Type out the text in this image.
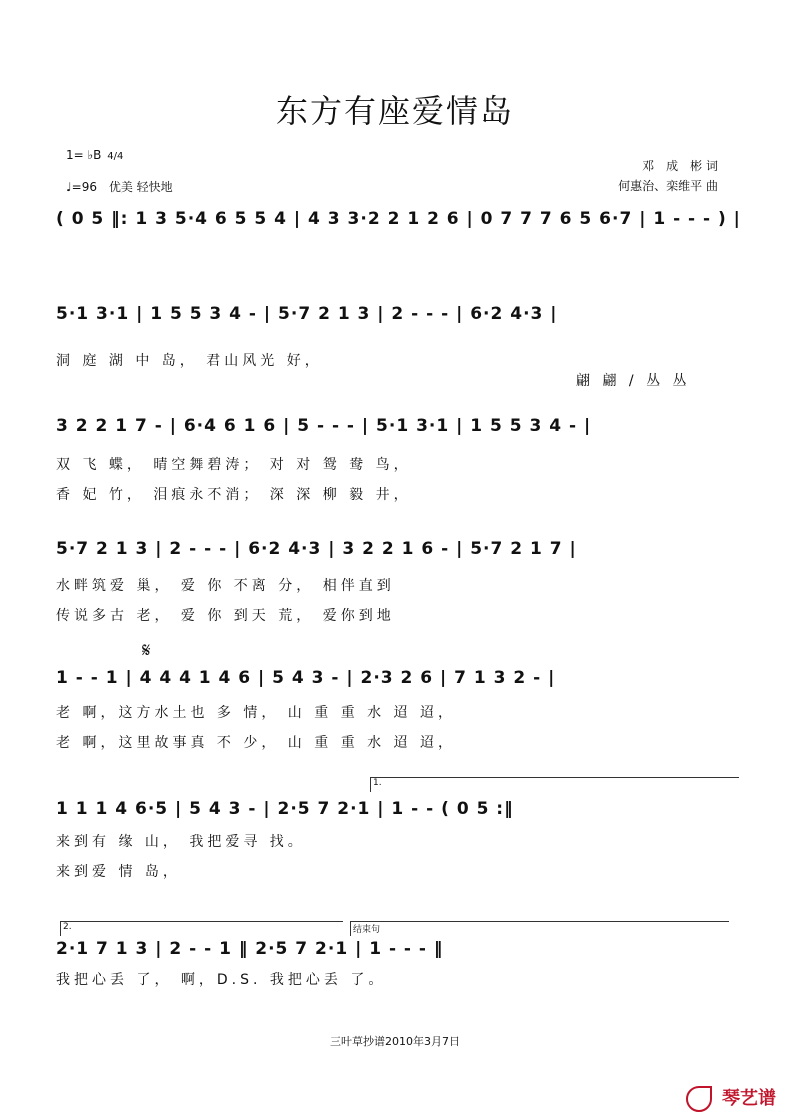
东方有座爱情岛
1= ♭B 4/4
♩=96 优美 轻快地
邓　成　彬 词
何惠治、栾维平 曲
( 0 5 ‖: 1 3 5·4 6 5 5 4 | 4 3 3·2 2 1 2 6 | 0 7 7 7 6 5 6·7 | 1 - - - ) |
5·1 3·1 | 1 5 5 3 4 - | 5·7 2 1 3 | 2 - - - | 6·2 4·3 |
洞 庭 湖 中 岛， 君山风光 好，
翩 翩 / 丛 丛
3 2 2 1 7 - | 6·4 6 1 6 | 5 - - - | 5·1 3·1 | 1 5 5 3 4 - |
双 飞 蝶， 晴空舞碧涛； 对 对 鸳 鸯 鸟，
香 妃 竹， 泪痕永不消； 深 深 柳 毅 井，
5·7 2 1 3 | 2 - - - | 6·2 4·3 | 3 2 2 1 6 - | 5·7 2 1 7 |
水畔筑爱 巢， 爱 你 不离 分， 相伴直到
传说多古 老， 爱 你 到天 荒， 爱你到地
𝄋
1 - - 1 | 4 4 4 1 4 6 | 5 4 3 - | 2·3 2 6 | 7 1 3 2 - |
老 啊，这方水土也 多 情， 山 重 重 水 迢 迢，
老 啊，这里故事真 不 少， 山 重 重 水 迢 迢，
1.
1 1 1 4 6·5 | 5 4 3 - | 2·5 7 2·1 | 1 - - ( 0 5 :‖
来到有 缘 山， 我把爱寻 找。
来到爱 情 岛，
2.	结束句
2·1 7 1 3 | 2 - - 1 ‖ 2·5 7 2·1 | 1 - - - ‖
我把心丢 了， 啊，D.S. 我把心丢 了。
三叶草抄谱2010年3月7日
琴艺谱
